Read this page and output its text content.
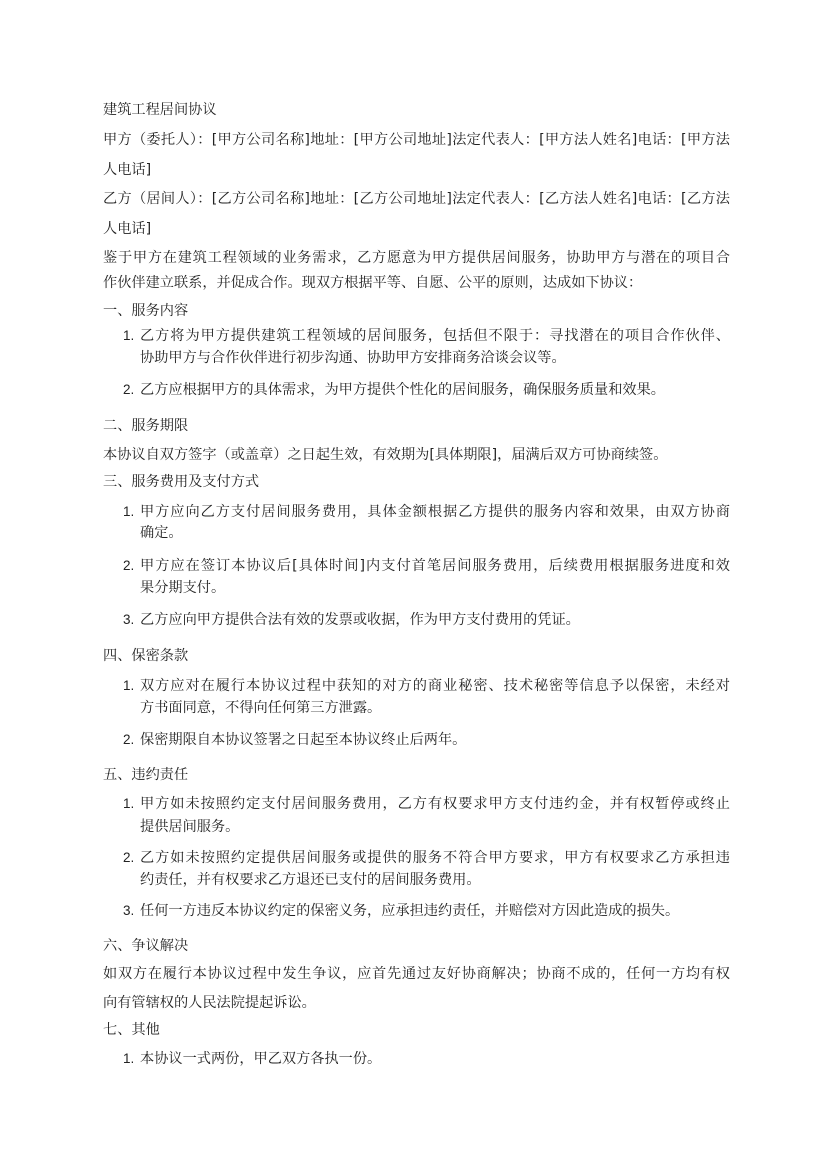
建筑工程居间协议
甲方（委托人）：[甲方公司名称]地址：[甲方公司地址]法定代表人：[甲方法人姓名]电话：[甲方法
人电话]
乙方（居间人）：[乙方公司名称]地址：[乙方公司地址]法定代表人：[乙方法人姓名]电话：[乙方法
人电话]
鉴于甲方在建筑工程领域的业务需求，乙方愿意为甲方提供居间服务，协助甲方与潜在的项目合
作伙伴建立联系，并促成合作。现双方根据平等、自愿、公平的原则，达成如下协议：
一、服务内容
1. 乙方将为甲方提供建筑工程领域的居间服务，包括但不限于：寻找潜在的项目合作伙伴、
协助甲方与合作伙伴进行初步沟通、协助甲方安排商务洽谈会议等。
2. 乙方应根据甲方的具体需求，为甲方提供个性化的居间服务，确保服务质量和效果。
二、服务期限
本协议自双方签字（或盖章）之日起生效，有效期为[具体期限]，届满后双方可协商续签。
三、服务费用及支付方式
1. 甲方应向乙方支付居间服务费用，具体金额根据乙方提供的服务内容和效果，由双方协商
确定。
2. 甲方应在签订本协议后[具体时间]内支付首笔居间服务费用，后续费用根据服务进度和效
果分期支付。
3. 乙方应向甲方提供合法有效的发票或收据，作为甲方支付费用的凭证。
四、保密条款
1. 双方应对在履行本协议过程中获知的对方的商业秘密、技术秘密等信息予以保密，未经对
方书面同意，不得向任何第三方泄露。
2. 保密期限自本协议签署之日起至本协议终止后两年。
五、违约责任
1. 甲方如未按照约定支付居间服务费用，乙方有权要求甲方支付违约金，并有权暂停或终止
提供居间服务。
2. 乙方如未按照约定提供居间服务或提供的服务不符合甲方要求，甲方有权要求乙方承担违
约责任，并有权要求乙方退还已支付的居间服务费用。
3. 任何一方违反本协议约定的保密义务，应承担违约责任，并赔偿对方因此造成的损失。
六、争议解决
如双方在履行本协议过程中发生争议，应首先通过友好协商解决；协商不成的，任何一方均有权
向有管辖权的人民法院提起诉讼。
七、其他
1. 本协议一式两份，甲乙双方各执一份。
